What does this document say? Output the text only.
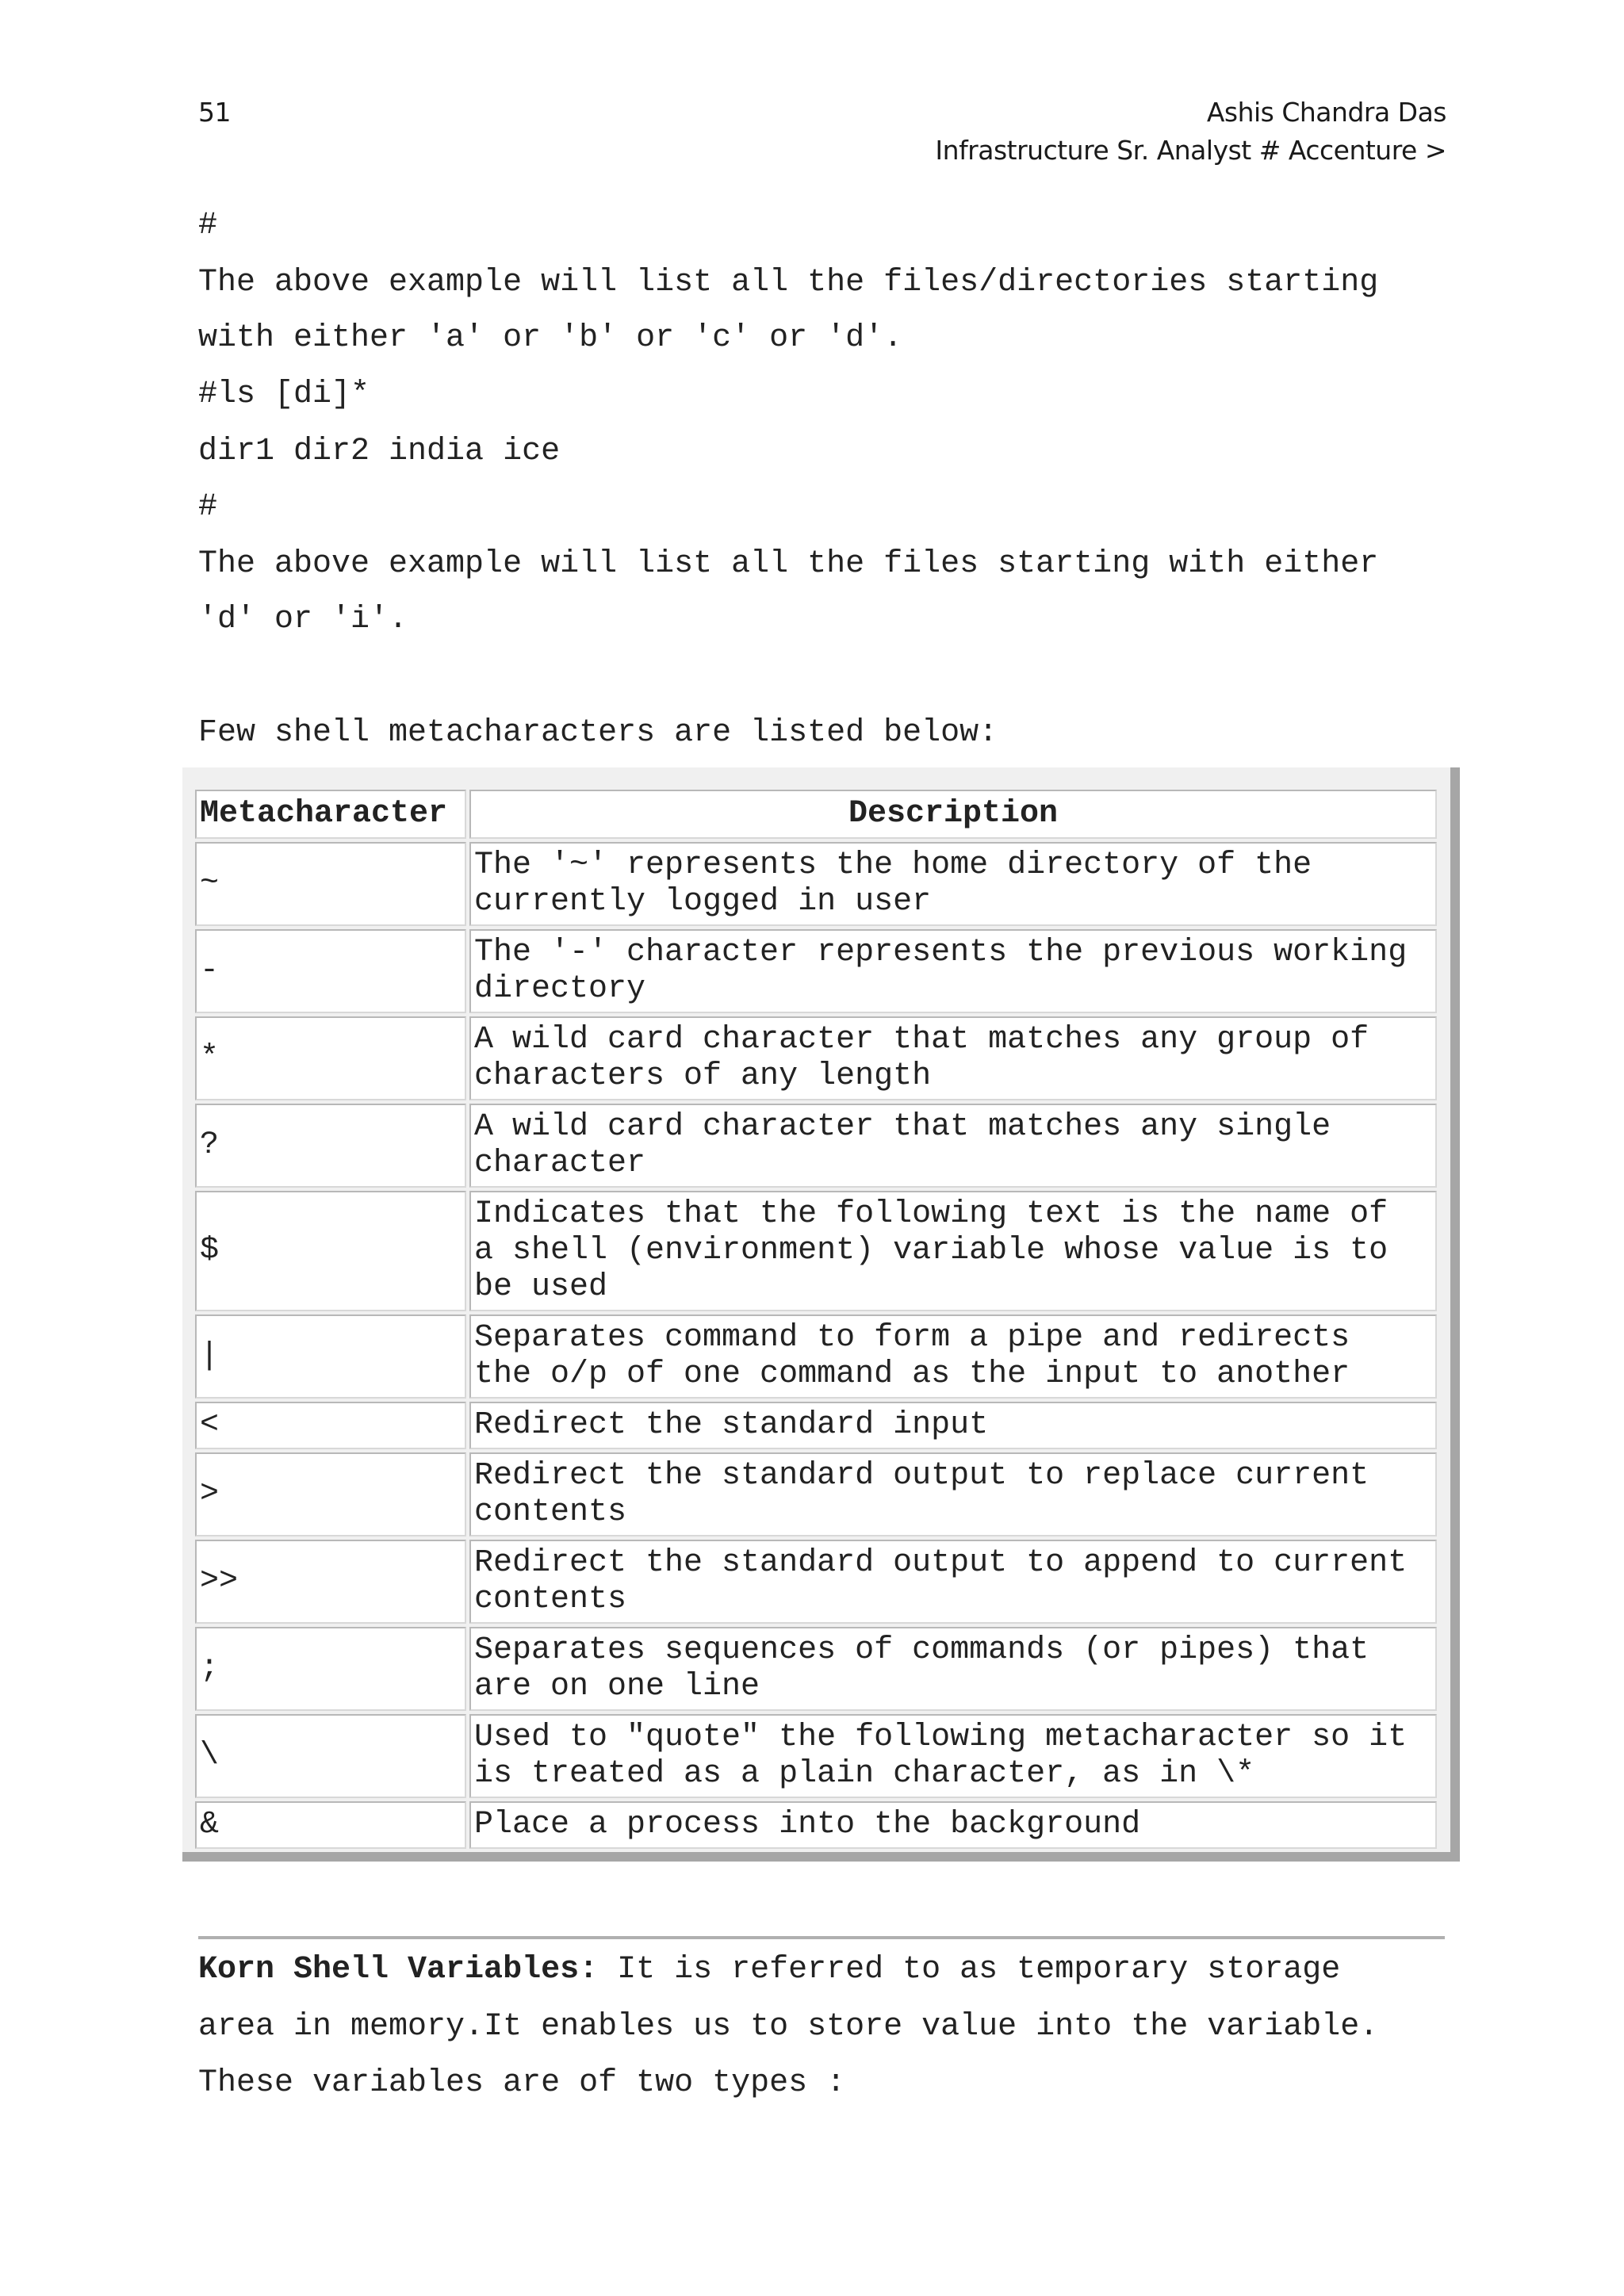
51	Ashis Chandra Das
Infrastructure Sr. Analyst # Accenture >
#
The above example will list all the files/directories starting
with either 'a' or 'b' or 'c' or 'd'.
#ls [di]*
dir1 dir2 india ice
#
The above example will list all the files starting with either
'd' or 'i'.
Few shell metacharacters are listed below:
Metacharacter	Description
~	The '~' represents the home directory of the
currently logged in user
-	The '-' character represents the previous working
directory
*	A wild card character that matches any group of
characters of any length
?	A wild card character that matches any single
character
$	Indicates that the following text is the name of
a shell (environment) variable whose value is to
be used
|	Separates command to form a pipe and redirects
the o/p of one command as the input to another
<	Redirect the standard input
>	Redirect the standard output to replace current
contents
>>	Redirect the standard output to append to current
contents
;	Separates sequences of commands (or pipes) that
are on one line
\	Used to "quote" the following metacharacter so it
is treated as a plain character, as in \*
&	Place a process into the background
Korn Shell Variables: It is referred to as temporary storage
area in memory.It enables us to store value into the variable.
These variables are of two types :
